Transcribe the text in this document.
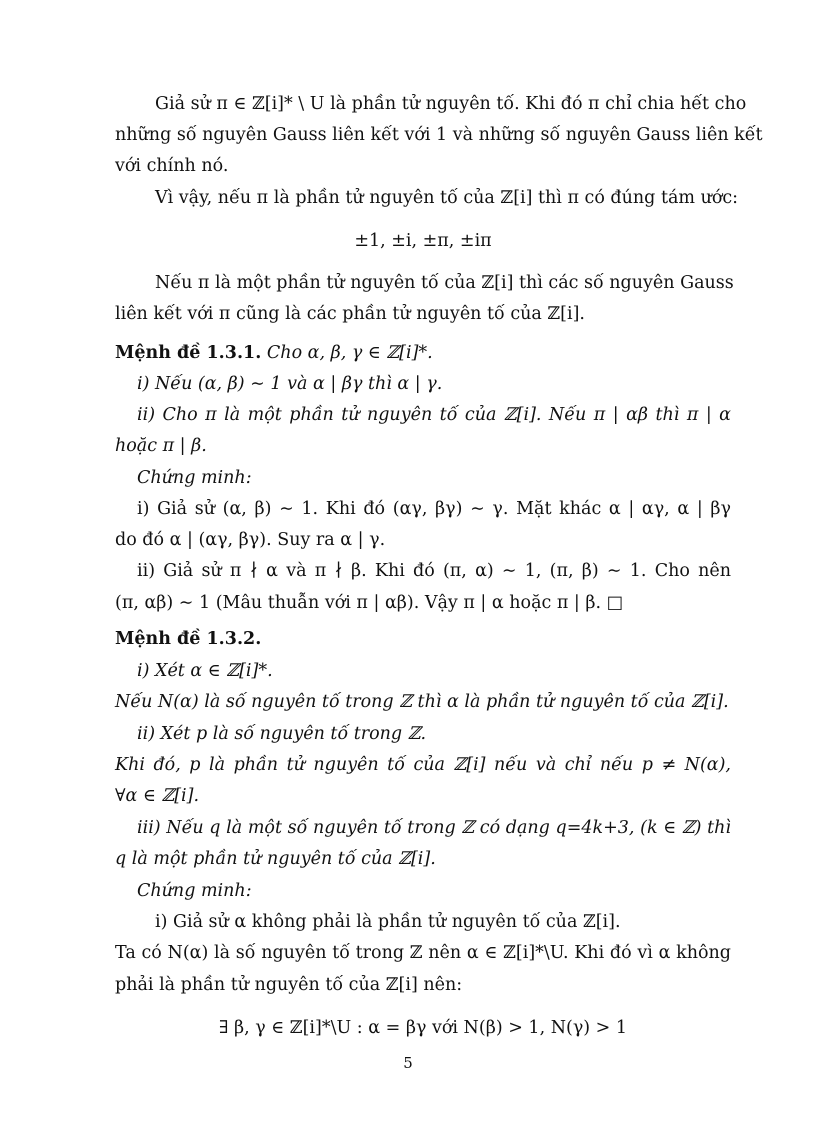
Giả sử π ∈ ℤ[i]* \ U là phần tử nguyên tố. Khi đó π chỉ chia hết cho
những số nguyên Gauss liên kết với 1 và những số nguyên Gauss liên kết
với chính nó.
Vì vậy, nếu π là phần tử nguyên tố của ℤ[i] thì π có đúng tám ước:
±1, ±i, ±π, ±iπ
Nếu π là một phần tử nguyên tố của ℤ[i] thì các số nguyên Gauss
liên kết với π cũng là các phần tử nguyên tố của ℤ[i].
Mệnh đề 1.3.1. Cho α, β, γ ∈ ℤ[i]*.
i) Nếu (α, β) ∼ 1 và α | βγ thì α | γ.
ii) Cho π là một phần tử nguyên tố của ℤ[i]. Nếu π | αβ thì π | α
hoặc π | β.
Chứng minh:
i) Giả sử (α, β) ∼ 1. Khi đó (αγ, βγ) ∼ γ. Mặt khác α | αγ, α | βγ
do đó α | (αγ, βγ). Suy ra α | γ.
ii) Giả sử π ∤ α và π ∤ β. Khi đó (π, α) ∼ 1, (π, β) ∼ 1. Cho nên
(π, αβ) ∼ 1 (Mâu thuẫn với π | αβ). Vậy π | α hoặc π | β. □
Mệnh đề 1.3.2.
i) Xét α ∈ ℤ[i]*.
Nếu N(α) là số nguyên tố trong ℤ thì α là phần tử nguyên tố của ℤ[i].
ii) Xét p là số nguyên tố trong ℤ.
Khi đó, p là phần tử nguyên tố của ℤ[i] nếu và chỉ nếu p ≠ N(α),
∀α ∈ ℤ[i].
iii) Nếu q là một số nguyên tố trong ℤ có dạng q=4k+3, (k ∈ ℤ) thì
q là một phần tử nguyên tố của ℤ[i].
Chứng minh:
i) Giả sử α không phải là phần tử nguyên tố của ℤ[i].
Ta có N(α) là số nguyên tố trong ℤ nên α ∈ ℤ[i]*\U. Khi đó vì α không
phải là phần tử nguyên tố của ℤ[i] nên:
∃ β, γ ∈ ℤ[i]*\U : α = βγ với N(β) > 1, N(γ) > 1
5
